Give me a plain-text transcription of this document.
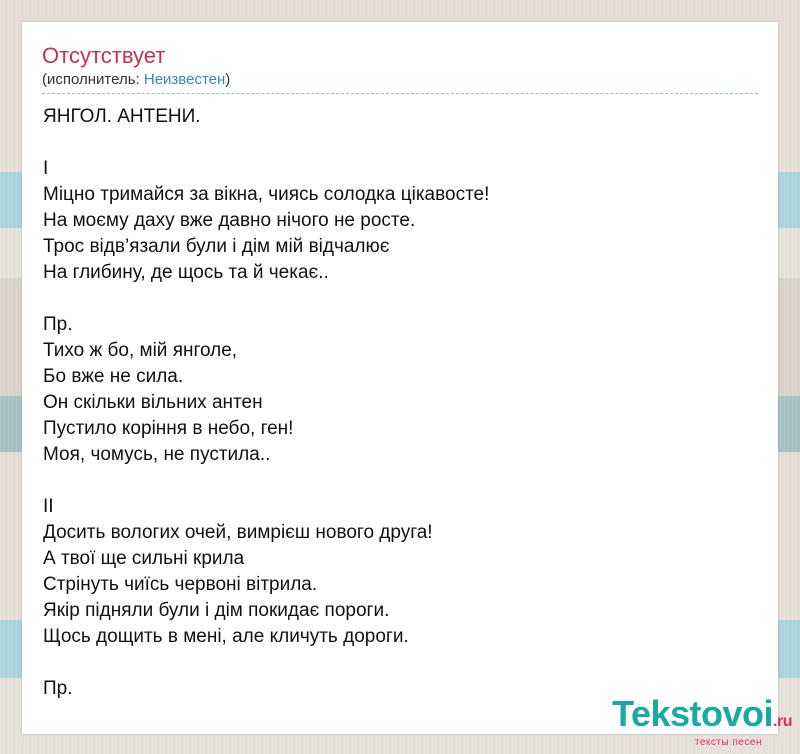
Отсутствует
(исполнитель: Неизвестен)
ЯНГОЛ. АНТЕНИ.
I
Міцно тримайся за вікна, чиясь солодка цікавосте!
На моєму даху вже давно нічого не росте.
Трос відв’язали були і дім мій відчалює
На глибину, де щось та й чекає..
Пр.
Тихо ж бо, мій янголе,
Бо вже не сила.
Он скільки вільних антен
Пустило коріння в небо, ген!
Моя, чомусь, не пустила..
II
Досить вологих очей, вимрієш нового друга!
А твої ще сильні крила
Стрінуть чиїсь червоні вітрила.
Якір підняли були і дім покидає пороги.
Щось дощить в мені, але кличуть дороги.
Пр.
Tekstovoi.ru
тексты песен
